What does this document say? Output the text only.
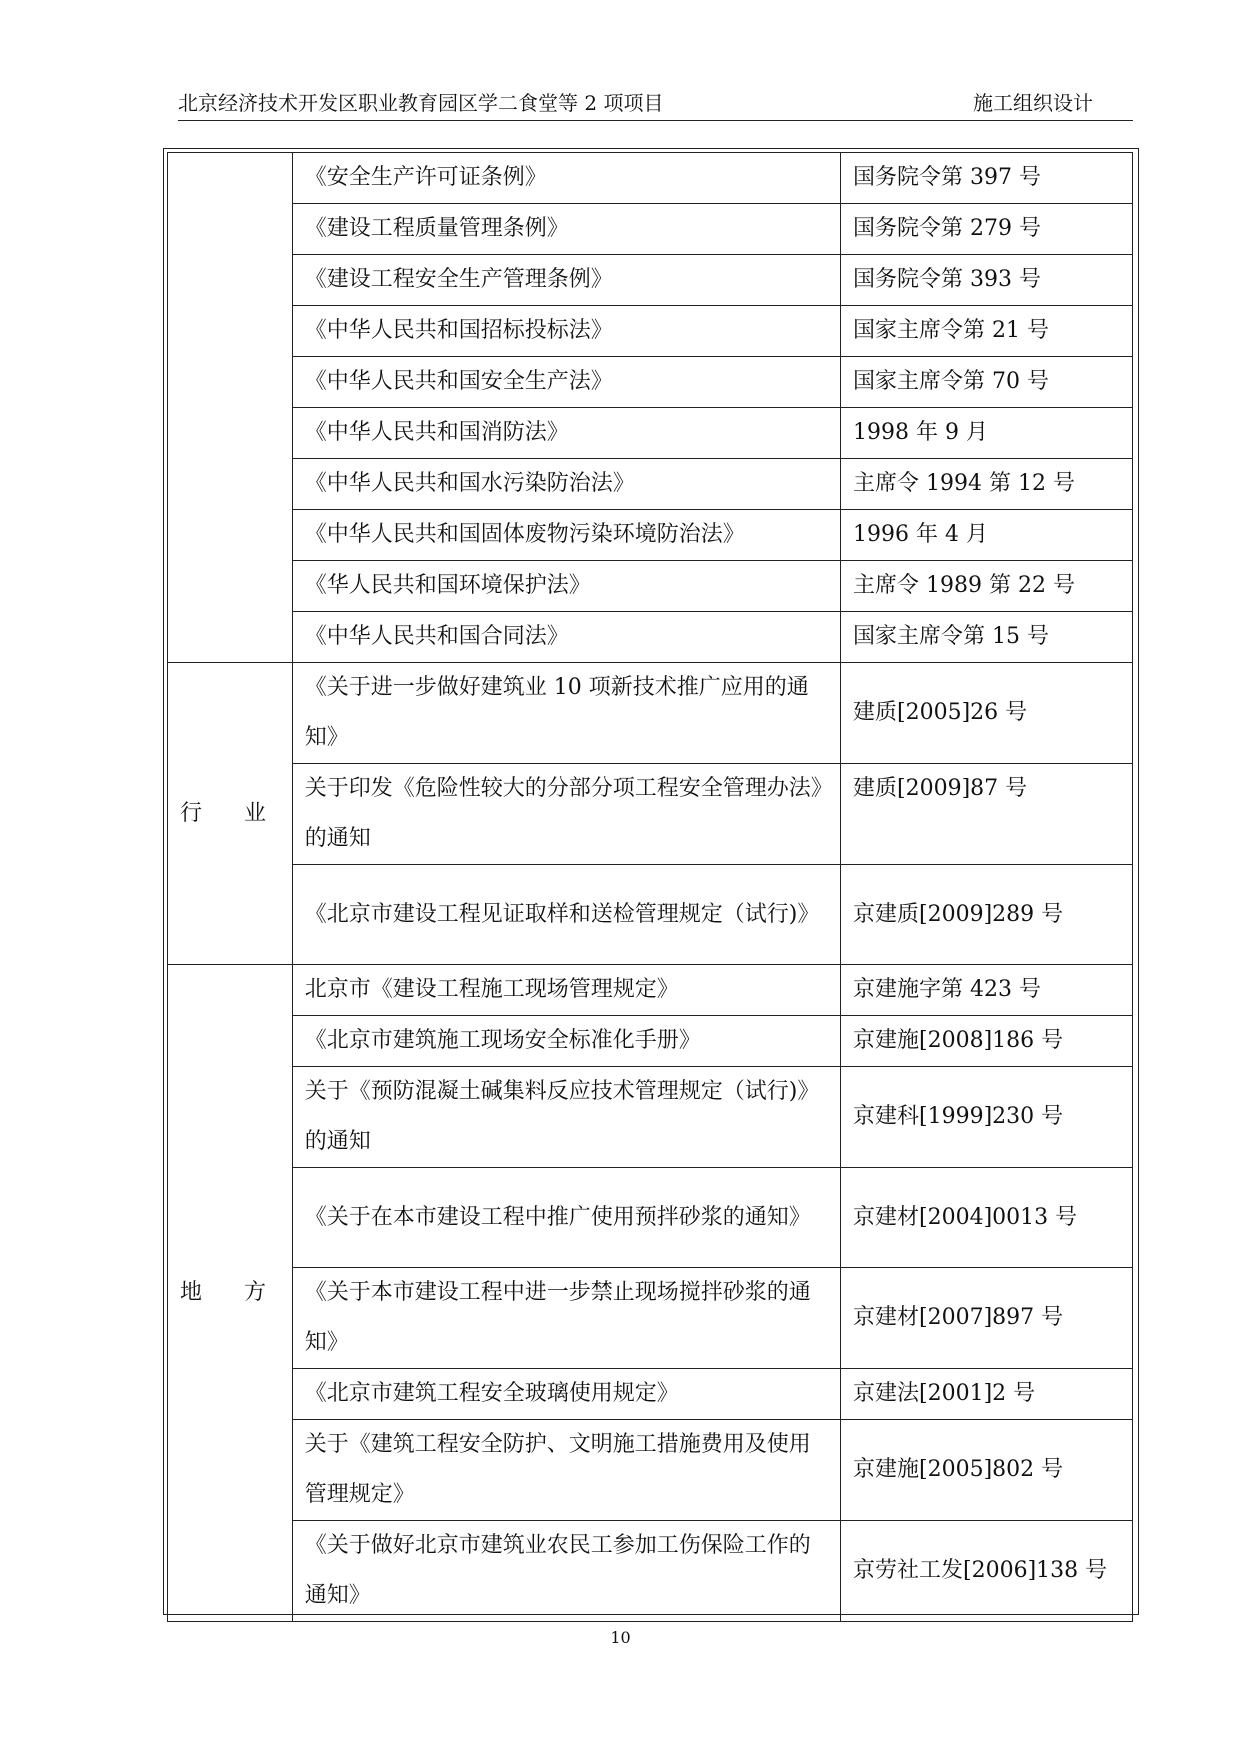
北京经济技术开发区职业教育园区学二食堂等 2 项项目	施工组织设计
	《安全生产许可证条例》	国务院令第 397 号
	《建设工程质量管理条例》	国务院令第 279 号
	《建设工程安全生产管理条例》	国务院令第 393 号
	《中华人民共和国招标投标法》	国家主席令第 21 号
	《中华人民共和国安全生产法》	国家主席令第 70 号
	《中华人民共和国消防法》	1998 年 9 月
	《中华人民共和国水污染防治法》	主席令 1994 第 12 号
	《中华人民共和国固体废物污染环境防治法》	1996 年 4 月
	《华人民共和国环境保护法》	主席令 1989 第 22 号
	《中华人民共和国合同法》	国家主席令第 15 号

行 业	《关于进一步做好建筑业 10 项新技术推广应用的通知》	建质[2005]26 号
	关于印发《危险性较大的分部分项工程安全管理办法》的通知	建质[2009]87 号
	《北京市建设工程见证取样和送检管理规定（试行)》	京建质[2009]289 号

地 方	北京市《建设工程施工现场管理规定》	京建施字第 423 号
	《北京市建筑施工现场安全标准化手册》	京建施[2008]186 号
	关于《预防混凝土碱集料反应技术管理规定（试行)》的通知	京建科[1999]230 号
	《关于在本市建设工程中推广使用预拌砂浆的通知》	京建材[2004]0013 号
	《关于本市建设工程中进一步禁止现场搅拌砂浆的通知》	京建材[2007]897 号
	《北京市建筑工程安全玻璃使用规定》	京建法[2001]2 号
	关于《建筑工程安全防护、文明施工措施费用及使用管理规定》	京建施[2005]802 号
	《关于做好北京市建筑业农民工参加工伤保险工作的通知》	京劳社工发[2006]138 号
10
